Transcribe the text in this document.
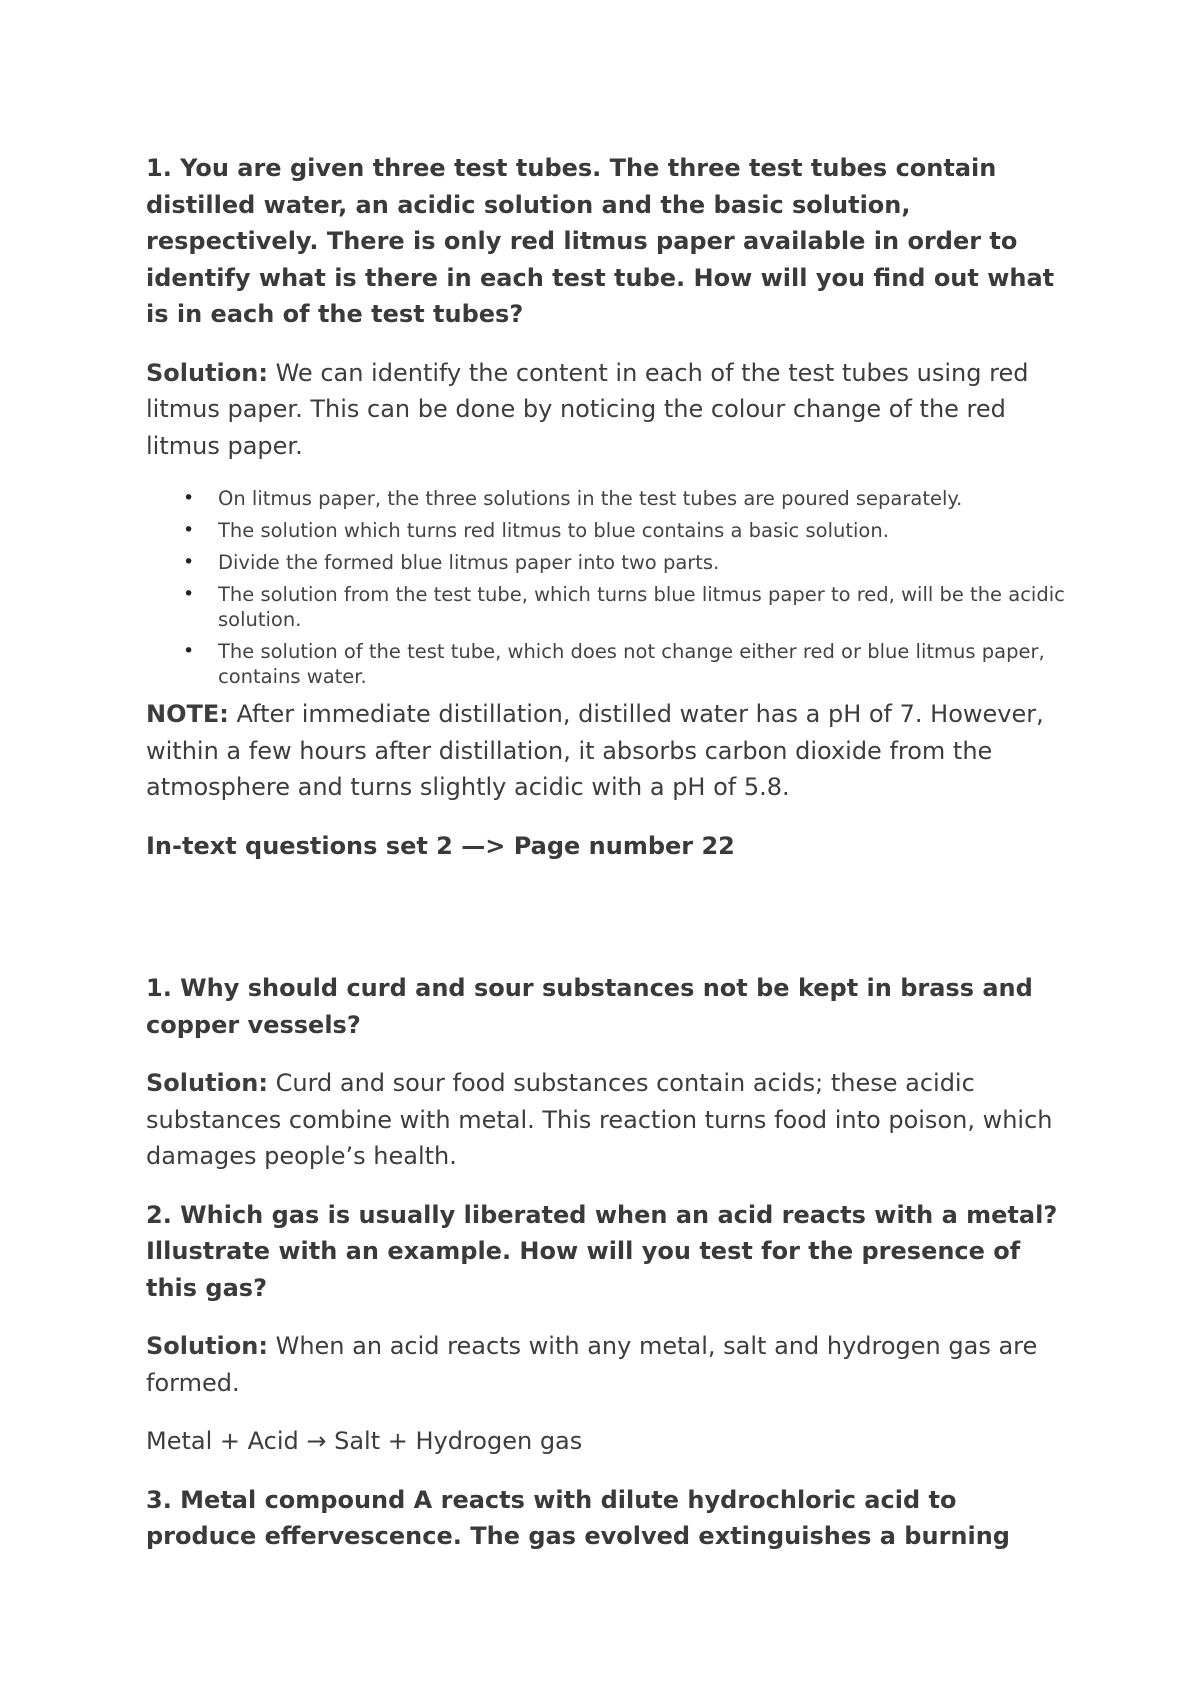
1. You are given three test tubes. The three test tubes contain distilled water, an acidic solution and the basic solution, respectively. There is only red litmus paper available in order to identify what is there in each test tube. How will you find out what is in each of the test tubes?
Solution: We can identify the content in each of the test tubes using red litmus paper. This can be done by noticing the colour change of the red litmus paper.
• On litmus paper, the three solutions in the test tubes are poured separately.
• The solution which turns red litmus to blue contains a basic solution.
• Divide the formed blue litmus paper into two parts.
• The solution from the test tube, which turns blue litmus paper to red, will be the acidic solution.
• The solution of the test tube, which does not change either red or blue litmus paper, contains water.
NOTE: After immediate distillation, distilled water has a pH of 7. However, within a few hours after distillation, it absorbs carbon dioxide from the atmosphere and turns slightly acidic with a pH of 5.8.
In-text questions set 2 —> Page number 22
1. Why should curd and sour substances not be kept in brass and copper vessels?
Solution: Curd and sour food substances contain acids; these acidic substances combine with metal. This reaction turns food into poison, which damages people’s health.
2. Which gas is usually liberated when an acid reacts with a metal? Illustrate with an example. How will you test for the presence of this gas?
Solution: When an acid reacts with any metal, salt and hydrogen gas are formed.
Metal + Acid → Salt + Hydrogen gas
3. Metal compound A reacts with dilute hydrochloric acid to produce effervescence. The gas evolved extinguishes a burning
